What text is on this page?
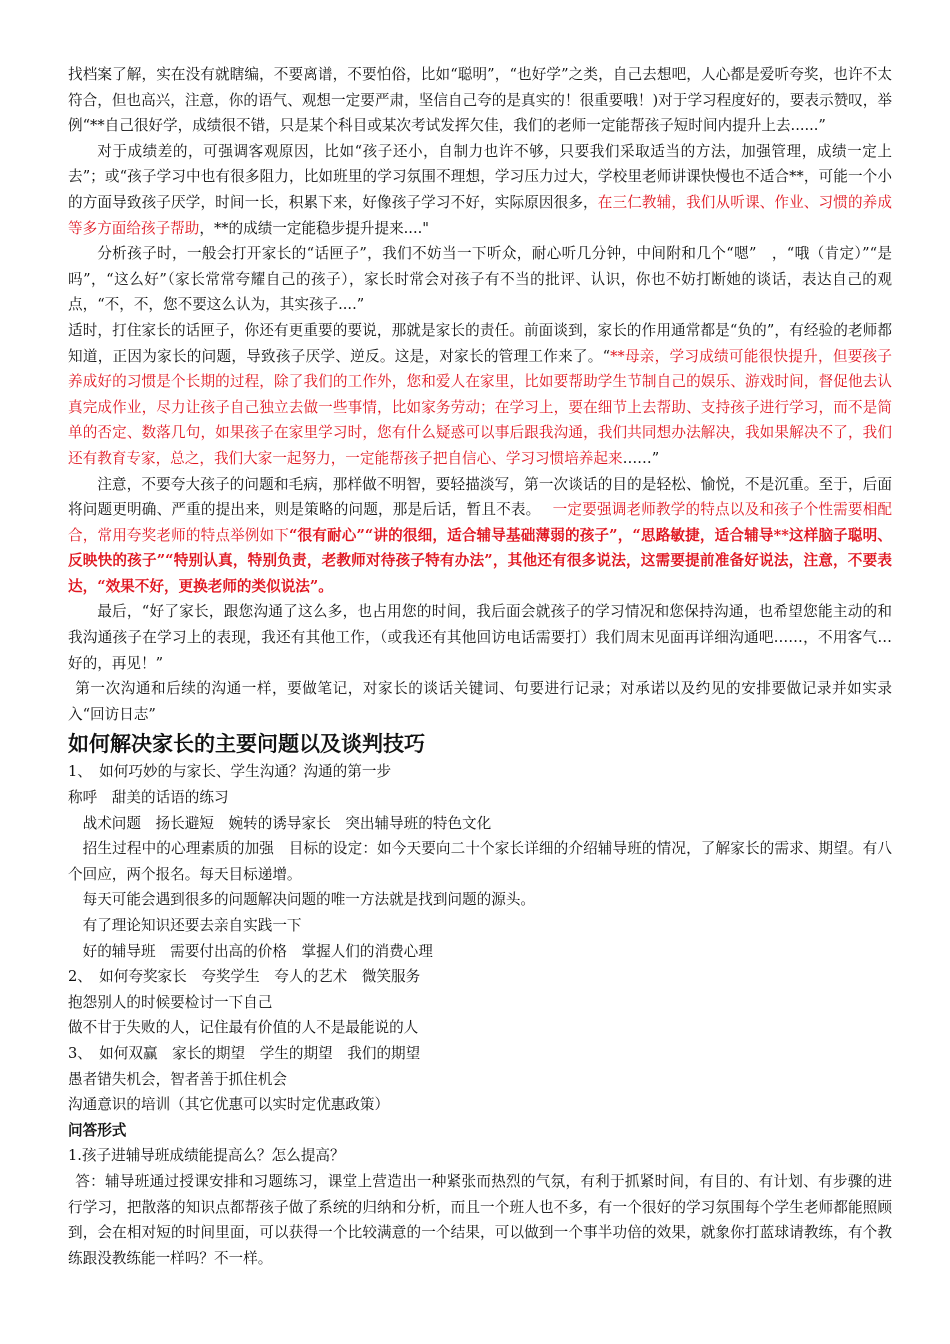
找档案了解，实在没有就瞎编，不要离谱，不要怕俗，比如“聪明”，“也好学”之类，自己去想吧，人心都是爱听夸奖，也许不太符合，但也高兴，注意，你的语气、观想一定要严肃，坚信自己夸的是真实的！很重要哦！)对于学习程度好的，要表示赞叹，举例“**自己很好学，成绩很不错，只是某个科目或某次考试发挥欠佳，我们的老师一定能帮孩子短时间内提升上去......”

对于成绩差的，可强调客观原因，比如“孩子还小，自制力也许不够，只要我们采取适当的方法，加强管理，成绩一定上去”；或“孩子学习中也有很多阻力，比如班里的学习氛围不理想，学习压力过大，学校里老师讲课快慢也不适合**，可能一个小的方面导致孩子厌学，时间一长，积累下来，好像孩子学习不好，实际原因很多，在三仁教辅，我们从听课、作业、习惯的养成等多方面给孩子帮助，**的成绩一定能稳步提升提来...."

分析孩子时，一般会打开家长的“话匣子”，我们不妨当一下听众，耐心听几分钟，中间附和几个“嗯”　，“哦（肯定）”“是吗”，“这么好”（家长常常夸耀自己的孩子），家长时常会对孩子有不当的批评、认识，你也不妨打断她的谈话，表达自己的观点，“不，不，您不要这么认为，其实孩子....”

适时，打住家长的话匣子，你还有更重要的要说，那就是家长的责任。前面谈到，家长的作用通常都是“负的”，有经验的老师都知道，正因为家长的问题，导致孩子厌学、逆反。这是，对家长的管理工作来了。“**母亲，学习成绩可能很快提升，但要孩子养成好的习惯是个长期的过程，除了我们的工作外，您和爱人在家里，比如要帮助学生节制自己的娱乐、游戏时间，督促他去认真完成作业，尽力让孩子自己独立去做一些事情，比如家务劳动；在学习上，要在细节上去帮助、支持孩子进行学习，而不是简单的否定、数落几句，如果孩子在家里学习时，您有什么疑惑可以事后跟我沟通，我们共同想办法解决，我如果解决不了，我们还有教育专家，总之，我们大家一起努力，一定能帮孩子把自信心、学习习惯培养起来……”

注意，不要夸大孩子的问题和毛病，那样做不明智，要轻描淡写，第一次谈话的目的是轻松、愉悦，不是沉重。至于，后面将问题更明确、严重的提出来，则是策略的问题，那是后话，暂且不表。　 一定要强调老师教学的特点以及和孩子个性需要相配合，常用夸奖老师的特点举例如下“很有耐心”“讲的很细，适合辅导基础薄弱的孩子”，“思路敏捷，适合辅导**这样脑子聪明、反映快的孩子”“特别认真，特别负责，老教师对待孩子特有办法”，其他还有很多说法，这需要提前准备好说法，注意，不要表达，“效果不好，更换老师的类似说法”。

最后，“好了家长，跟您沟通了这么多，也占用您的时间，我后面会就孩子的学习情况和您保持沟通，也希望您能主动的和我沟通孩子在学习上的表现，我还有其他工作，（或我还有其他回访电话需要打）我们周末见面再详细沟通吧……，不用客气…好的，再见！”

第一次沟通和后续的沟通一样，要做笔记，对家长的谈话关键词、句要进行记录；对承诺以及约见的安排要做记录并如实录入“回访日志”

如何解决家长的主要问题以及谈判技巧

1、　如何巧妙的与家长、学生沟通？沟通的第一步

称呼　甜美的话语的练习

　战术问题　扬长避短　婉转的诱导家长　突出辅导班的特色文化

　招生过程中的心理素质的加强　目标的设定：如今天要向二十个家长详细的介绍辅导班的情况，了解家长的需求、期望。有八个回应，两个报名。每天目标递增。

　每天可能会遇到很多的问题解决问题的唯一方法就是找到问题的源头。

　有了理论知识还要去亲自实践一下

　好的辅导班　需要付出高的价格　掌握人们的消费心理

2、　如何夸奖家长　夸奖学生　夸人的艺术　微笑服务

抱怨别人的时候要检讨一下自己

做不甘于失败的人，记住最有价值的人不是最能说的人

3、　如何双赢　家长的期望　学生的期望　我们的期望

愚者错失机会，智者善于抓住机会

沟通意识的培训（其它优惠可以实时定优惠政策）

问答形式

1.孩子进辅导班成绩能提高么？怎么提高？

答：辅导班通过授课安排和习题练习，课堂上营造出一种紧张而热烈的气氛，有利于抓紧时间，有目的、有计划、有步骤的进行学习，把散落的知识点都帮孩子做了系统的归纳和分析，而且一个班人也不多，有一个很好的学习氛围每个学生老师都能照顾到，会在相对短的时间里面，可以获得一个比较满意的一个结果，可以做到一个事半功倍的效果，就象你打蓝球请教练，有个教练跟没教练能一样吗？不一样。
